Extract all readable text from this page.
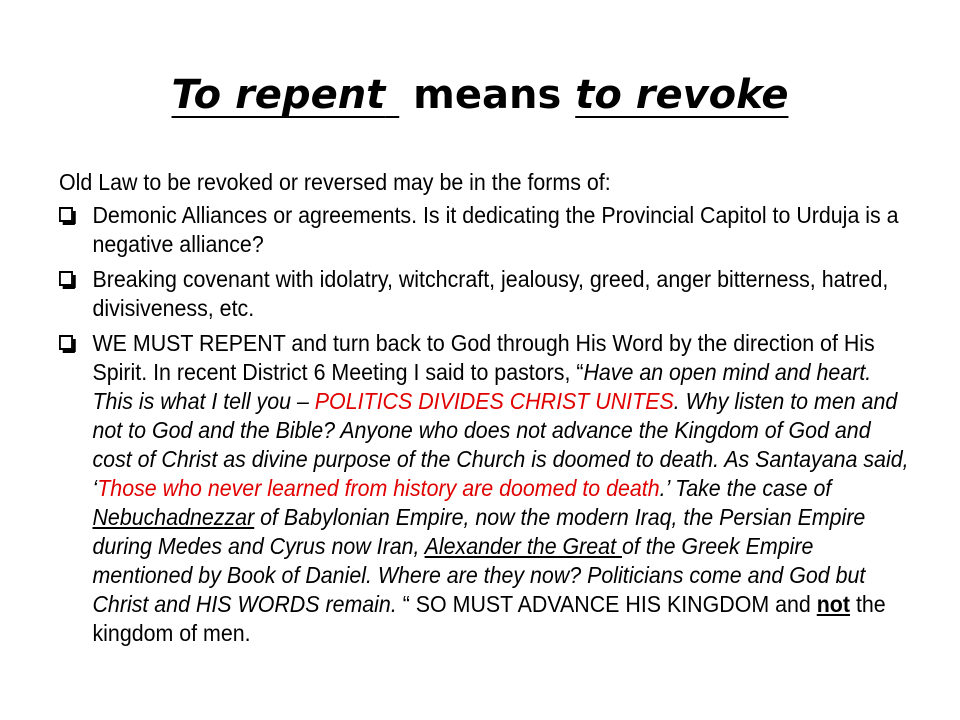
To repent means to revoke
Old Law to be revoked or reversed may be in the forms of:
Demonic Alliances or agreements. Is it dedicating the Provincial Capitol to Urduja is a negative alliance?
Breaking covenant with idolatry, witchcraft, jealousy, greed, anger bitterness, hatred, divisiveness, etc.
WE MUST REPENT and turn back to God through His Word by the direction of His Spirit. In recent District 6 Meeting I said to pastors, “Have an open mind and heart. This is what I tell you – POLITICS DIVIDES CHRIST UNITES. Why listen to men and not to God and the Bible? Anyone who does not advance the Kingdom of God and cost of Christ as divine purpose of the Church is doomed to death. As Santayana said, ‘Those who never learned from history are doomed to death.’ Take the case of Nebuchadnezzar of Babylonian Empire, now the modern Iraq, the Persian Empire during Medes and Cyrus now Iran, Alexander the Great of the Greek Empire mentioned by Book of Daniel. Where are they now? Politicians come and God but Christ and HIS WORDS remain. “ SO MUST ADVANCE HIS KINGDOM and not the kingdom of men.
